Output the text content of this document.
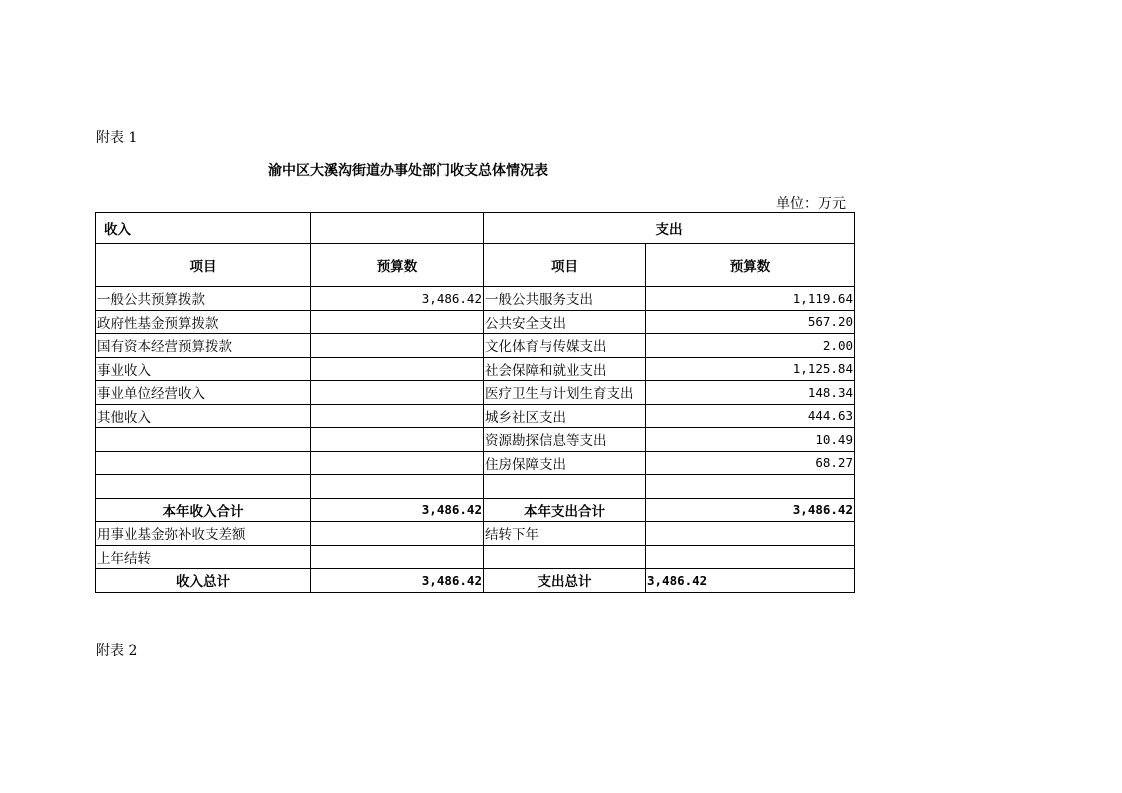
附表 1
渝中区大溪沟街道办事处部门收支总体情况表
单位：万元
收入		支出	
项目	预算数	项目	预算数
一般公共预算拨款	3,486.42	一般公共服务支出	1,119.64
政府性基金预算拨款		公共安全支出	567.20
国有资本经营预算拨款		文化体育与传媒支出	2.00
事业收入		社会保障和就业支出	1,125.84
事业单位经营收入		医疗卫生与计划生育支出	148.34
其他收入		城乡社区支出	444.63
		资源勘探信息等支出	10.49
		住房保障支出	68.27

本年收入合计	3,486.42	本年支出合计	3,486.42
用事业基金弥补收支差额		结转下年	
上年结转			
收入总计	3,486.42	支出总计	3,486.42
附表 2
